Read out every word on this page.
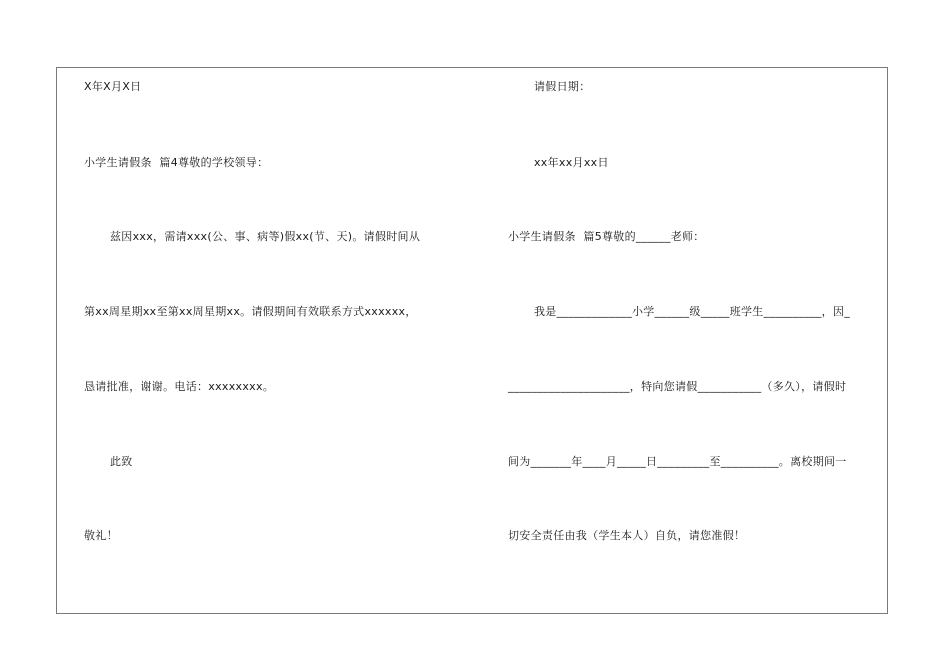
X年X月X日
小学生请假条  篇4尊敬的学校领导：
兹因xxx，需请xxx(公、事、病等)假xx(节、天)。请假时间从
第xx周星期xx至第xx周星期xx。请假期间有效联系方式xxxxxx，
恳请批准，谢谢。电话：xxxxxxxx。
此致
敬礼！
请假日期：
xx年xx月xx日
小学生请假条  篇5尊敬的______老师：
我是_____________小学______级_____班学生__________，因_
_____________________，特向您请假___________（多久），请假时
间为_______年____月_____日_________至__________。离校期间一
切安全责任由我（学生本人）自负，请您准假！
